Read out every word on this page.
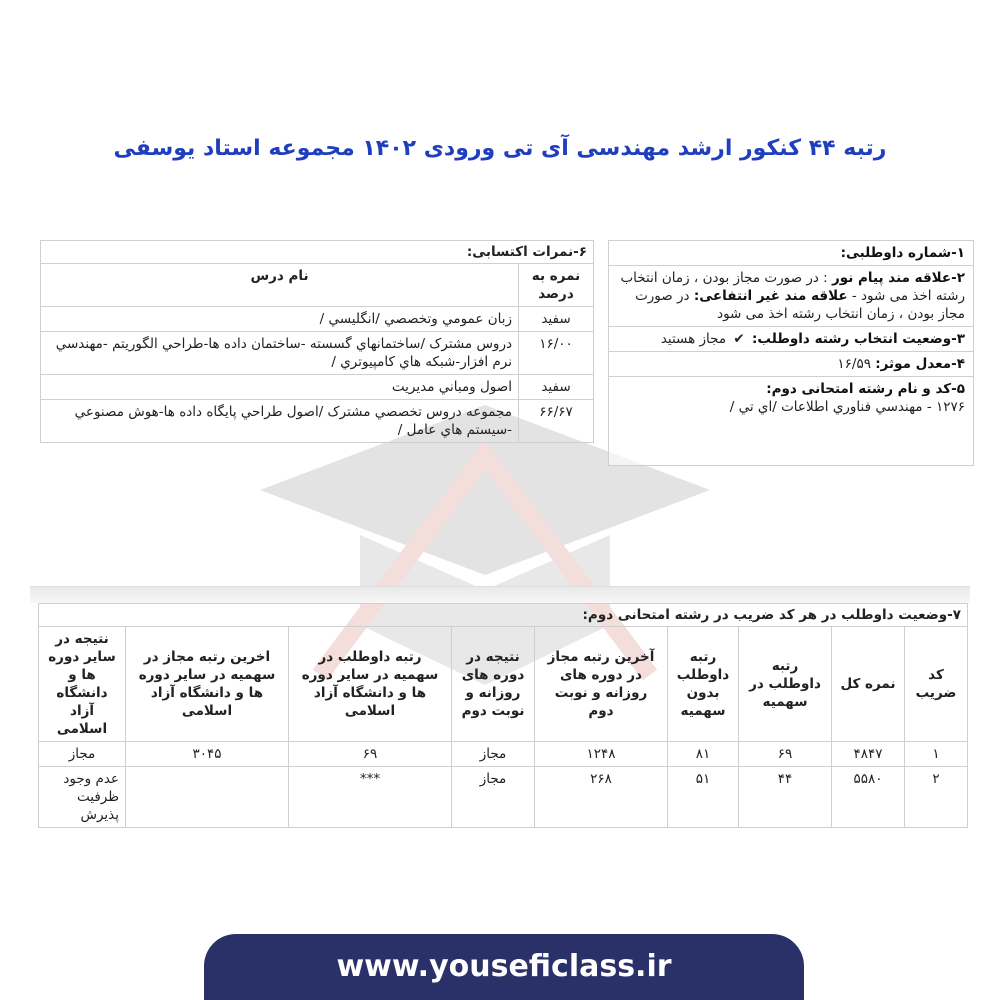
رتبه ۴۴ کنکور ارشد مهندسی آی تی ورودی ۱۴۰۲ مجموعه استاد یوسفی
۱-شماره داوطلبی:
۲-علاقه مند پیام نور : در صورت مجاز بودن ، زمان انتخاب رشته اخذ می شود - علاقه مند غیر انتفاعی: در صورت مجاز بودن ، زمان انتخاب رشته اخذ می شود
۳-وضعیت انتخاب رشته داوطلب: ✔ مجاز هستید
۴-معدل موثر: ۱۶/۵۹
۵-کد و نام رشته امتحانی دوم:
۱۲۷۶ - مهندسي فناوري اطلاعات /اي تي /
۶-نمرات اکتسابی:
نمره به درصد	نام درس
سفيد	زبان عمومي وتخصصي /انگليسي /
۱۶/۰۰	دروس مشترک /ساختمانهاي گسسته -ساختمان داده ها-طراحي الگوريتم -مهندسي نرم افزار-شبکه هاي کامپيوتري /
سفيد	اصول ومباني مديريت
۶۶/۶۷	مجموعه دروس تخصصي مشترک /اصول طراحي پايگاه داده ها-هوش مصنوعي -سيستم هاي عامل /
۷-وضعیت داوطلب در هر کد ضریب در رشته امتحانی دوم:
کد ضریب	نمره کل	رتبه داوطلب در سهمیه	رتبه داوطلب بدون سهمیه	آخرین رتبه مجاز در دوره های روزانه و نوبت دوم	نتیجه در دوره های روزانه و نوبت دوم	رتبه داوطلب در سهمیه در سایر دوره ها و دانشگاه آزاد اسلامی	اخرین رتبه مجاز در سهمیه در سایر دوره ها و دانشگاه آزاد اسلامی	نتیجه در سایر دوره ها و دانشگاه آزاد اسلامی
۱	۴۸۴۷	۶۹	۸۱	۱۲۴۸	مجاز	۶۹	۳۰۴۵	مجاز
۲	۵۵۸۰	۴۴	۵۱	۲۶۸	مجاز	***		عدم وجود ظرفیت پذیرش
www.youseficlass.ir
